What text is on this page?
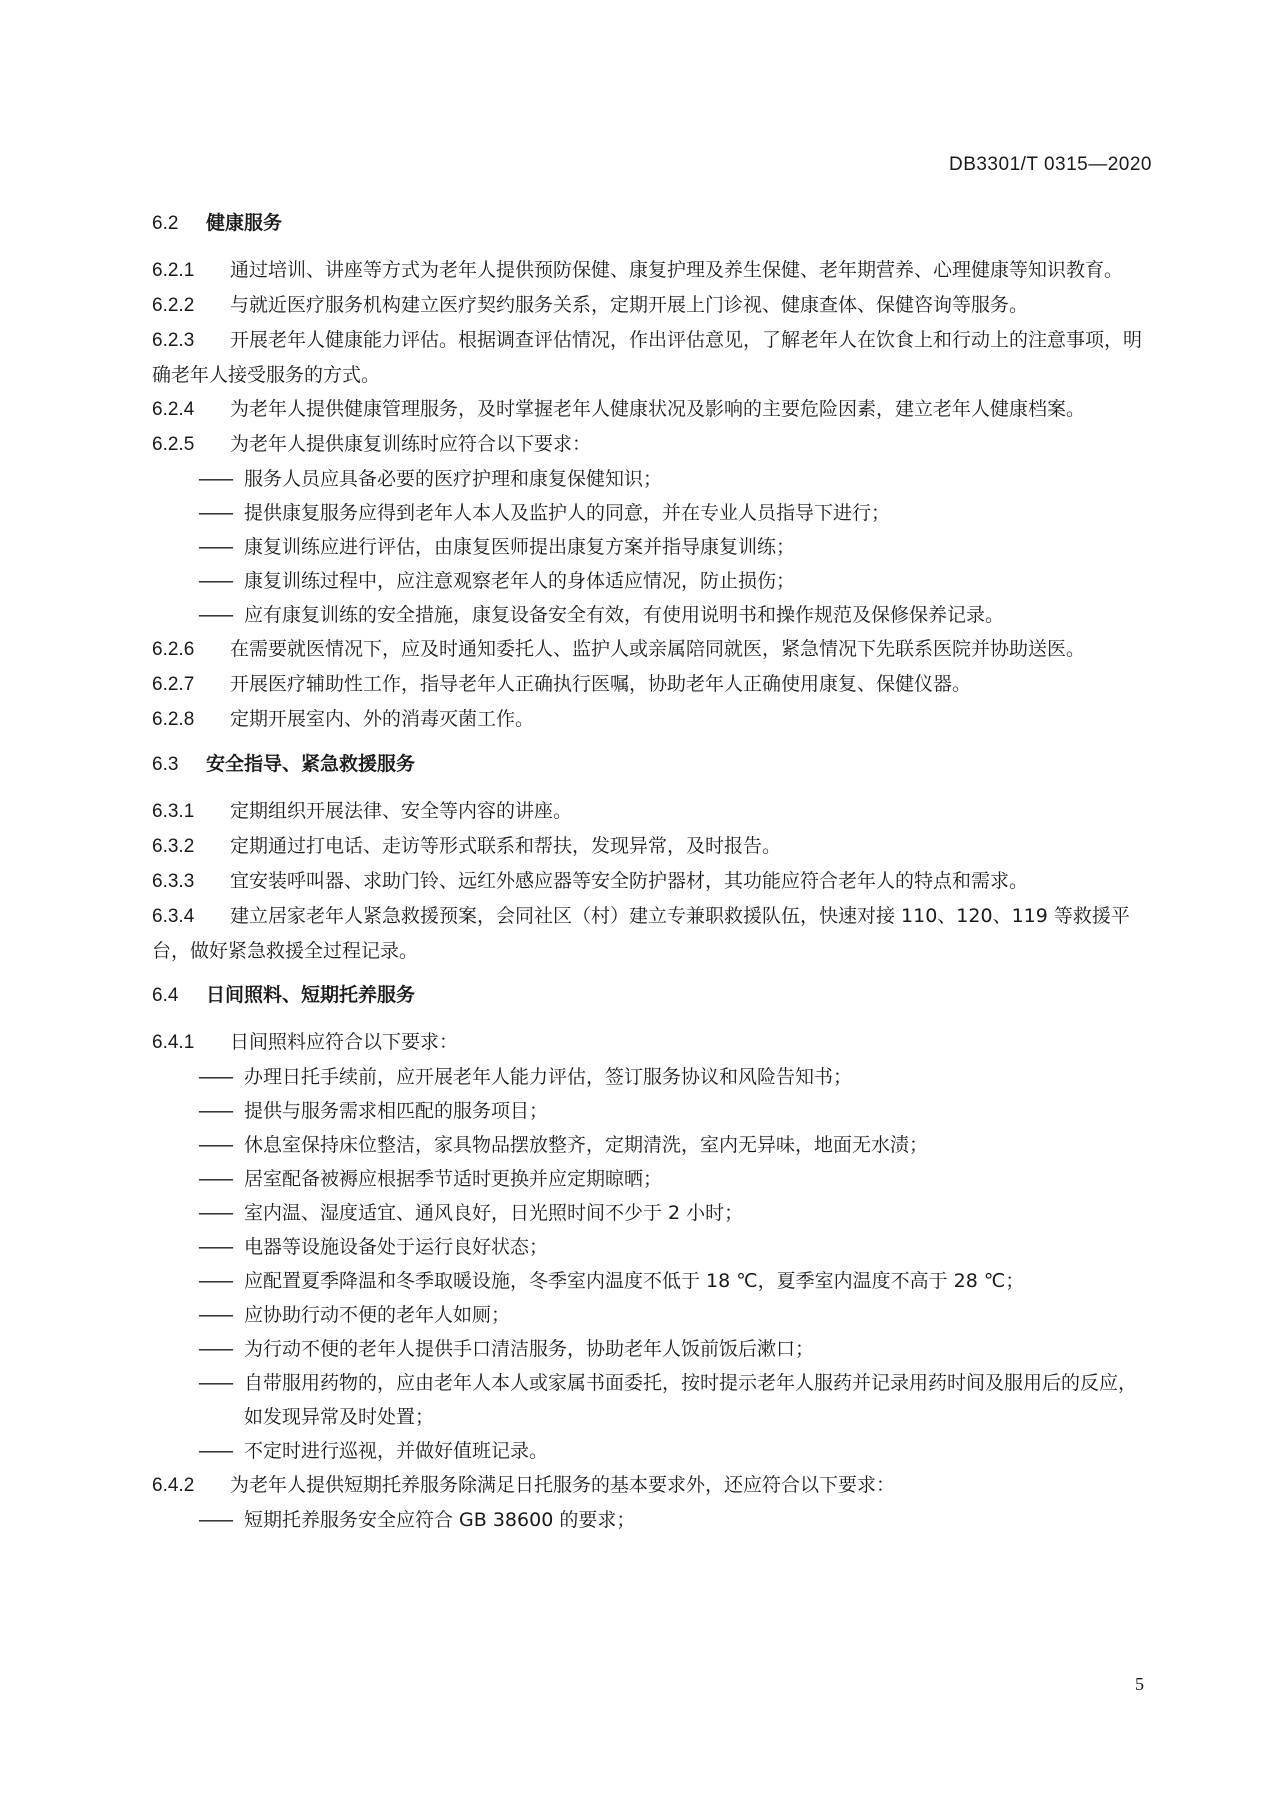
DB3301/T 0315—2020

6.2 健康服务

6.2.1 通过培训、讲座等方式为老年人提供预防保健、康复护理及养生保健、老年期营养、心理健康等知识教育。

6.2.2 与就近医疗服务机构建立医疗契约服务关系，定期开展上门诊视、健康查体、保健咨询等服务。

6.2.3 开展老年人健康能力评估。根据调查评估情况，作出评估意见，了解老年人在饮食上和行动上的注意事项，明确老年人接受服务的方式。

6.2.4 为老年人提供健康管理服务，及时掌握老年人健康状况及影响的主要危险因素，建立老年人健康档案。

6.2.5 为老年人提供康复训练时应符合以下要求：

—— 服务人员应具备必要的医疗护理和康复保健知识；

—— 提供康复服务应得到老年人本人及监护人的同意，并在专业人员指导下进行；

—— 康复训练应进行评估，由康复医师提出康复方案并指导康复训练；

—— 康复训练过程中，应注意观察老年人的身体适应情况，防止损伤；

—— 应有康复训练的安全措施，康复设备安全有效，有使用说明书和操作规范及保修保养记录。

6.2.6 在需要就医情况下，应及时通知委托人、监护人或亲属陪同就医，紧急情况下先联系医院并协助送医。

6.2.7 开展医疗辅助性工作，指导老年人正确执行医嘱，协助老年人正确使用康复、保健仪器。

6.2.8 定期开展室内、外的消毒灭菌工作。

6.3 安全指导、紧急救援服务

6.3.1 定期组织开展法律、安全等内容的讲座。

6.3.2 定期通过打电话、走访等形式联系和帮扶，发现异常，及时报告。

6.3.3 宜安装呼叫器、求助门铃、远红外感应器等安全防护器材，其功能应符合老年人的特点和需求。

6.3.4 建立居家老年人紧急救援预案，会同社区（村）建立专兼职救援队伍，快速对接 110、120、119 等救援平台，做好紧急救援全过程记录。

6.4 日间照料、短期托养服务

6.4.1 日间照料应符合以下要求：

—— 办理日托手续前，应开展老年人能力评估，签订服务协议和风险告知书；

—— 提供与服务需求相匹配的服务项目；

—— 休息室保持床位整洁，家具物品摆放整齐，定期清洗，室内无异味，地面无水渍；

—— 居室配备被褥应根据季节适时更换并应定期晾晒；

—— 室内温、湿度适宜、通风良好，日光照时间不少于 2 小时；

—— 电器等设施设备处于运行良好状态；

—— 应配置夏季降温和冬季取暖设施，冬季室内温度不低于 18 ℃，夏季室内温度不高于 28 ℃；

—— 应协助行动不便的老年人如厕；

—— 为行动不便的老年人提供手口清洁服务，协助老年人饭前饭后漱口；

—— 自带服用药物的，应由老年人本人或家属书面委托，按时提示老年人服药并记录用药时间及服用后的反应，如发现异常及时处置；

—— 不定时进行巡视，并做好值班记录。

6.4.2 为老年人提供短期托养服务除满足日托服务的基本要求外，还应符合以下要求：

—— 短期托养服务安全应符合 GB 38600 的要求；

5
